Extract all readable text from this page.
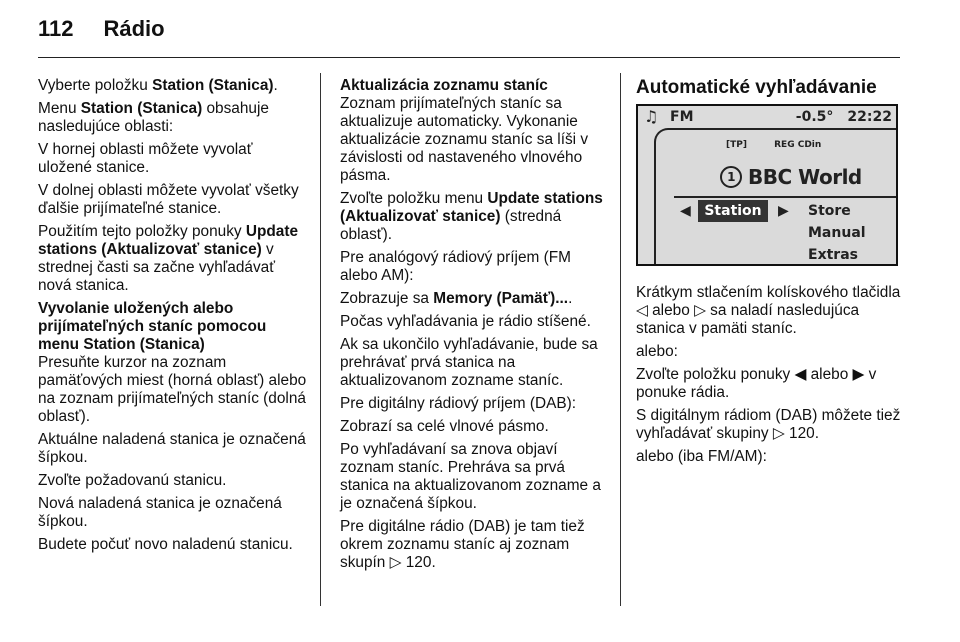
112 Rádio

Vyberte položku Station (Stanica).

Menu Station (Stanica) obsahuje nasledujúce oblasti:

V hornej oblasti môžete vyvolať uložené stanice.

V dolnej oblasti môžete vyvolať všetky ďalšie prijímateľné stanice.

Použitím tejto položky ponuky Update stations (Aktualizovať stanice) v strednej časti sa začne vyhľadávať nová stanica.

Vyvolanie uložených alebo prijímateľných staníc pomocou menu Station (Stanica)

Presuňte kurzor na zoznam pamäťových miest (horná oblasť) alebo na zoznam prijímateľných staníc (dolná oblasť).

Aktuálne naladená stanica je označená šípkou.

Zvoľte požadovanú stanicu.

Nová naladená stanica je označená šípkou.

Budete počuť novo naladenú stanicu.

Aktualizácia zoznamu staníc

Zoznam prijímateľných staníc sa aktualizuje automaticky. Vykonanie aktualizácie zoznamu staníc sa líši v závislosti od nastaveného vlnového pásma.

Zvoľte položku menu Update stations (Aktualizovať stanice) (stredná oblasť).

Pre analógový rádiový príjem (FM alebo AM):

Zobrazuje sa Memory (Pamäť)....

Počas vyhľadávania je rádio stíšené.

Ak sa ukončilo vyhľadávanie, bude sa prehrávať prvá stanica na aktualizovanom zozname staníc.

Pre digitálny rádiový príjem (DAB):

Zobrazí sa celé vlnové pásmo.

Po vyhľadávaní sa znova objaví zoznam staníc. Prehráva sa prvá stanica na aktualizovanom zozname a je označená šípkou.

Pre digitálne rádio (DAB) je tam tiež okrem zoznamu staníc aj zoznam skupín ▷ 120.

Automatické vyhľadávanie

♫ FM	-0.5° 22:22
[TP]	REG CDin
1 BBC World
◀ Station	▶ Store
Manual
Extras

Krátkym stlačením kolískového tlačidla ◁ alebo ▷ sa naladí nasledujúca stanica v pamäti staníc.

alebo:

Zvoľte položku ponuky ◀ alebo ▶ v ponuke rádia.

S digitálnym rádiom (DAB) môžete tiež vyhľadávať skupiny ▷ 120.

alebo (iba FM/AM):
